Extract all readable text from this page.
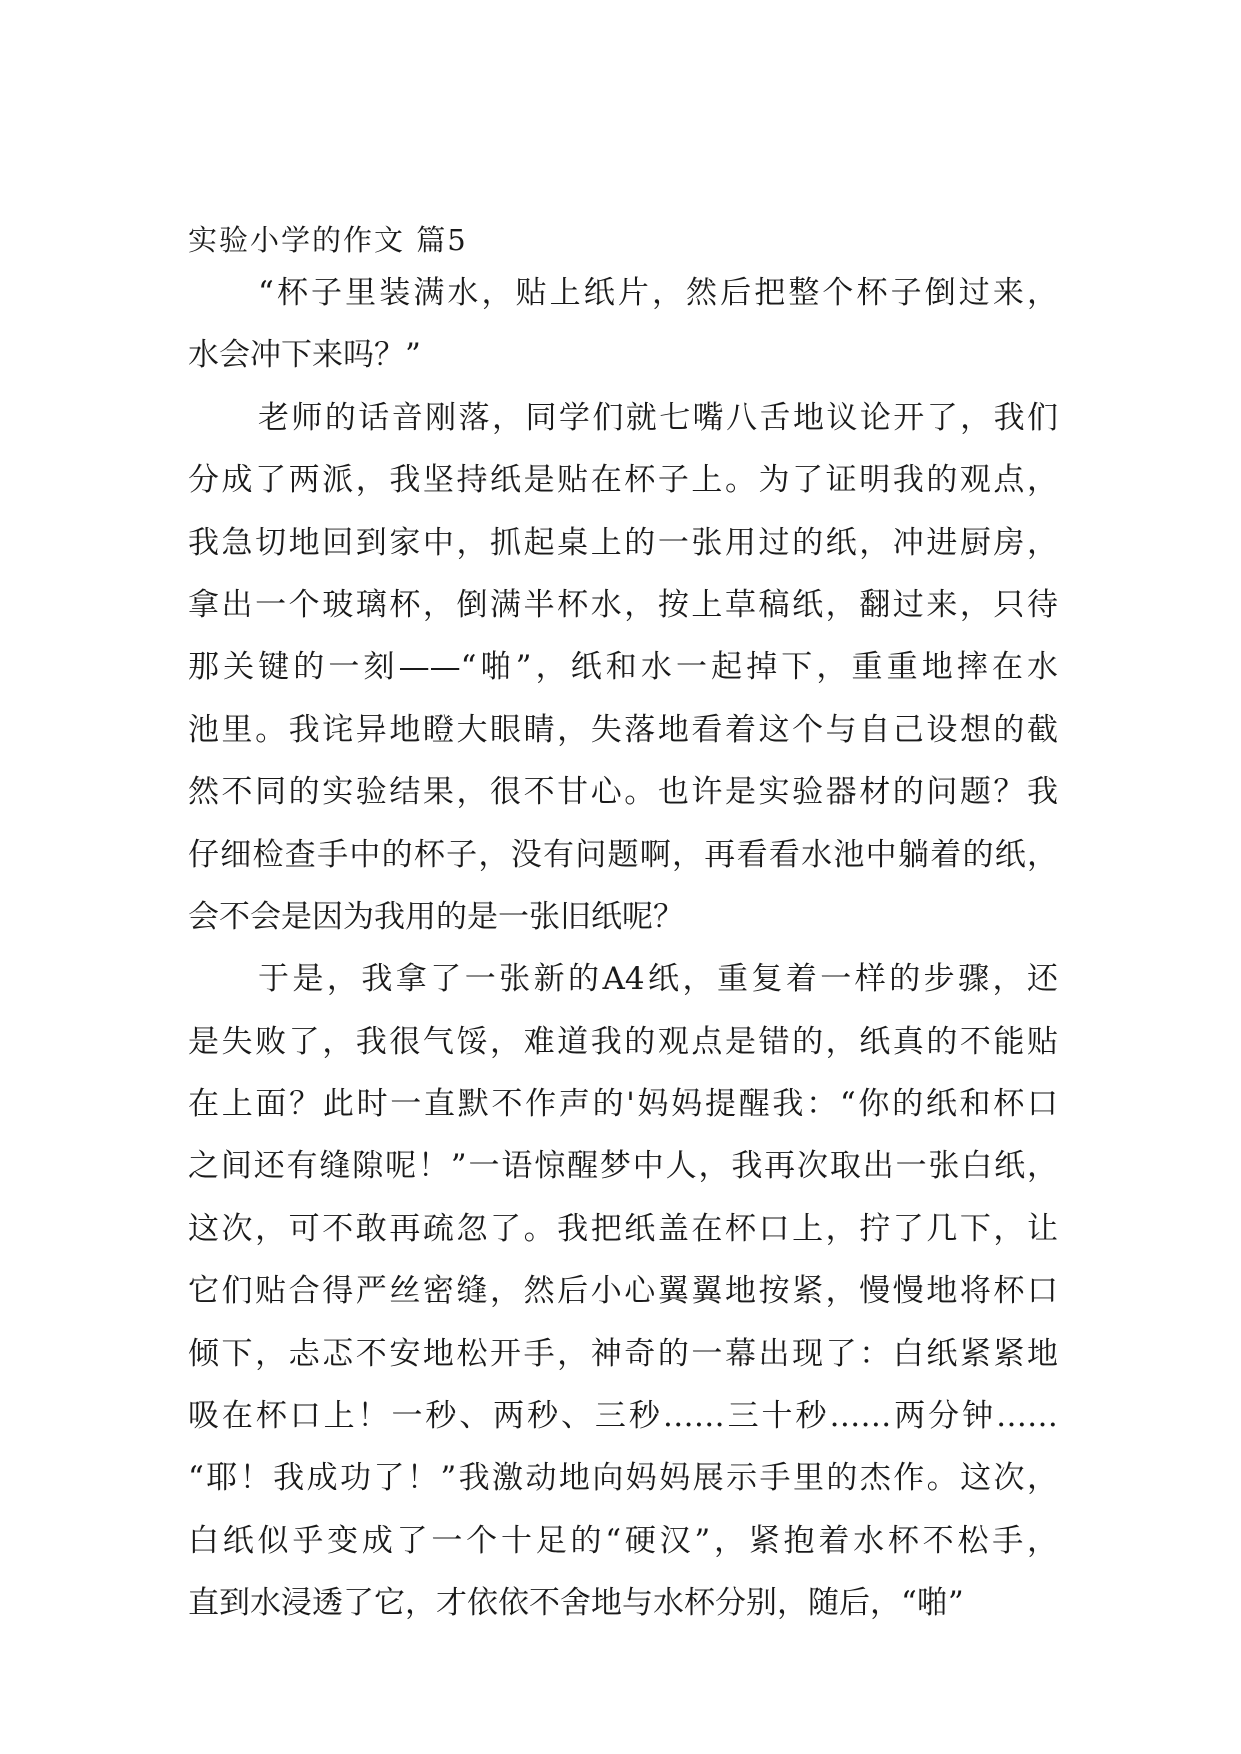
实验小学的作文 篇5
“杯子里装满水，贴上纸片，然后把整个杯子倒过来，
水会冲下来吗？”
老师的话音刚落，同学们就七嘴八舌地议论开了，我们
分成了两派，我坚持纸是贴在杯子上。为了证明我的观点，
我急切地回到家中，抓起桌上的一张用过的纸，冲进厨房，
拿出一个玻璃杯，倒满半杯水，按上草稿纸，翻过来，只待
那关键的一刻——“啪”，纸和水一起掉下，重重地摔在水
池里。我诧异地瞪大眼睛，失落地看着这个与自己设想的截
然不同的实验结果，很不甘心。也许是实验器材的问题？我
仔细检查手中的杯子，没有问题啊，再看看水池中躺着的纸，
会不会是因为我用的是一张旧纸呢？
于是，我拿了一张新的A4纸，重复着一样的步骤，还
是失败了，我很气馁，难道我的观点是错的，纸真的不能贴
在上面？此时一直默不作声的'妈妈提醒我：“你的纸和杯口
之间还有缝隙呢！”一语惊醒梦中人，我再次取出一张白纸，
这次，可不敢再疏忽了。我把纸盖在杯口上，拧了几下，让
它们贴合得严丝密缝，然后小心翼翼地按紧，慢慢地将杯口
倾下，忐忑不安地松开手，神奇的一幕出现了：白纸紧紧地
吸在杯口上！一秒、两秒、三秒……三十秒……两分钟……
“耶！我成功了！”我激动地向妈妈展示手里的杰作。这次，
白纸似乎变成了一个十足的“硬汉”，紧抱着水杯不松手，
直到水浸透了它，才依依不舍地与水杯分别，随后，“啪”
